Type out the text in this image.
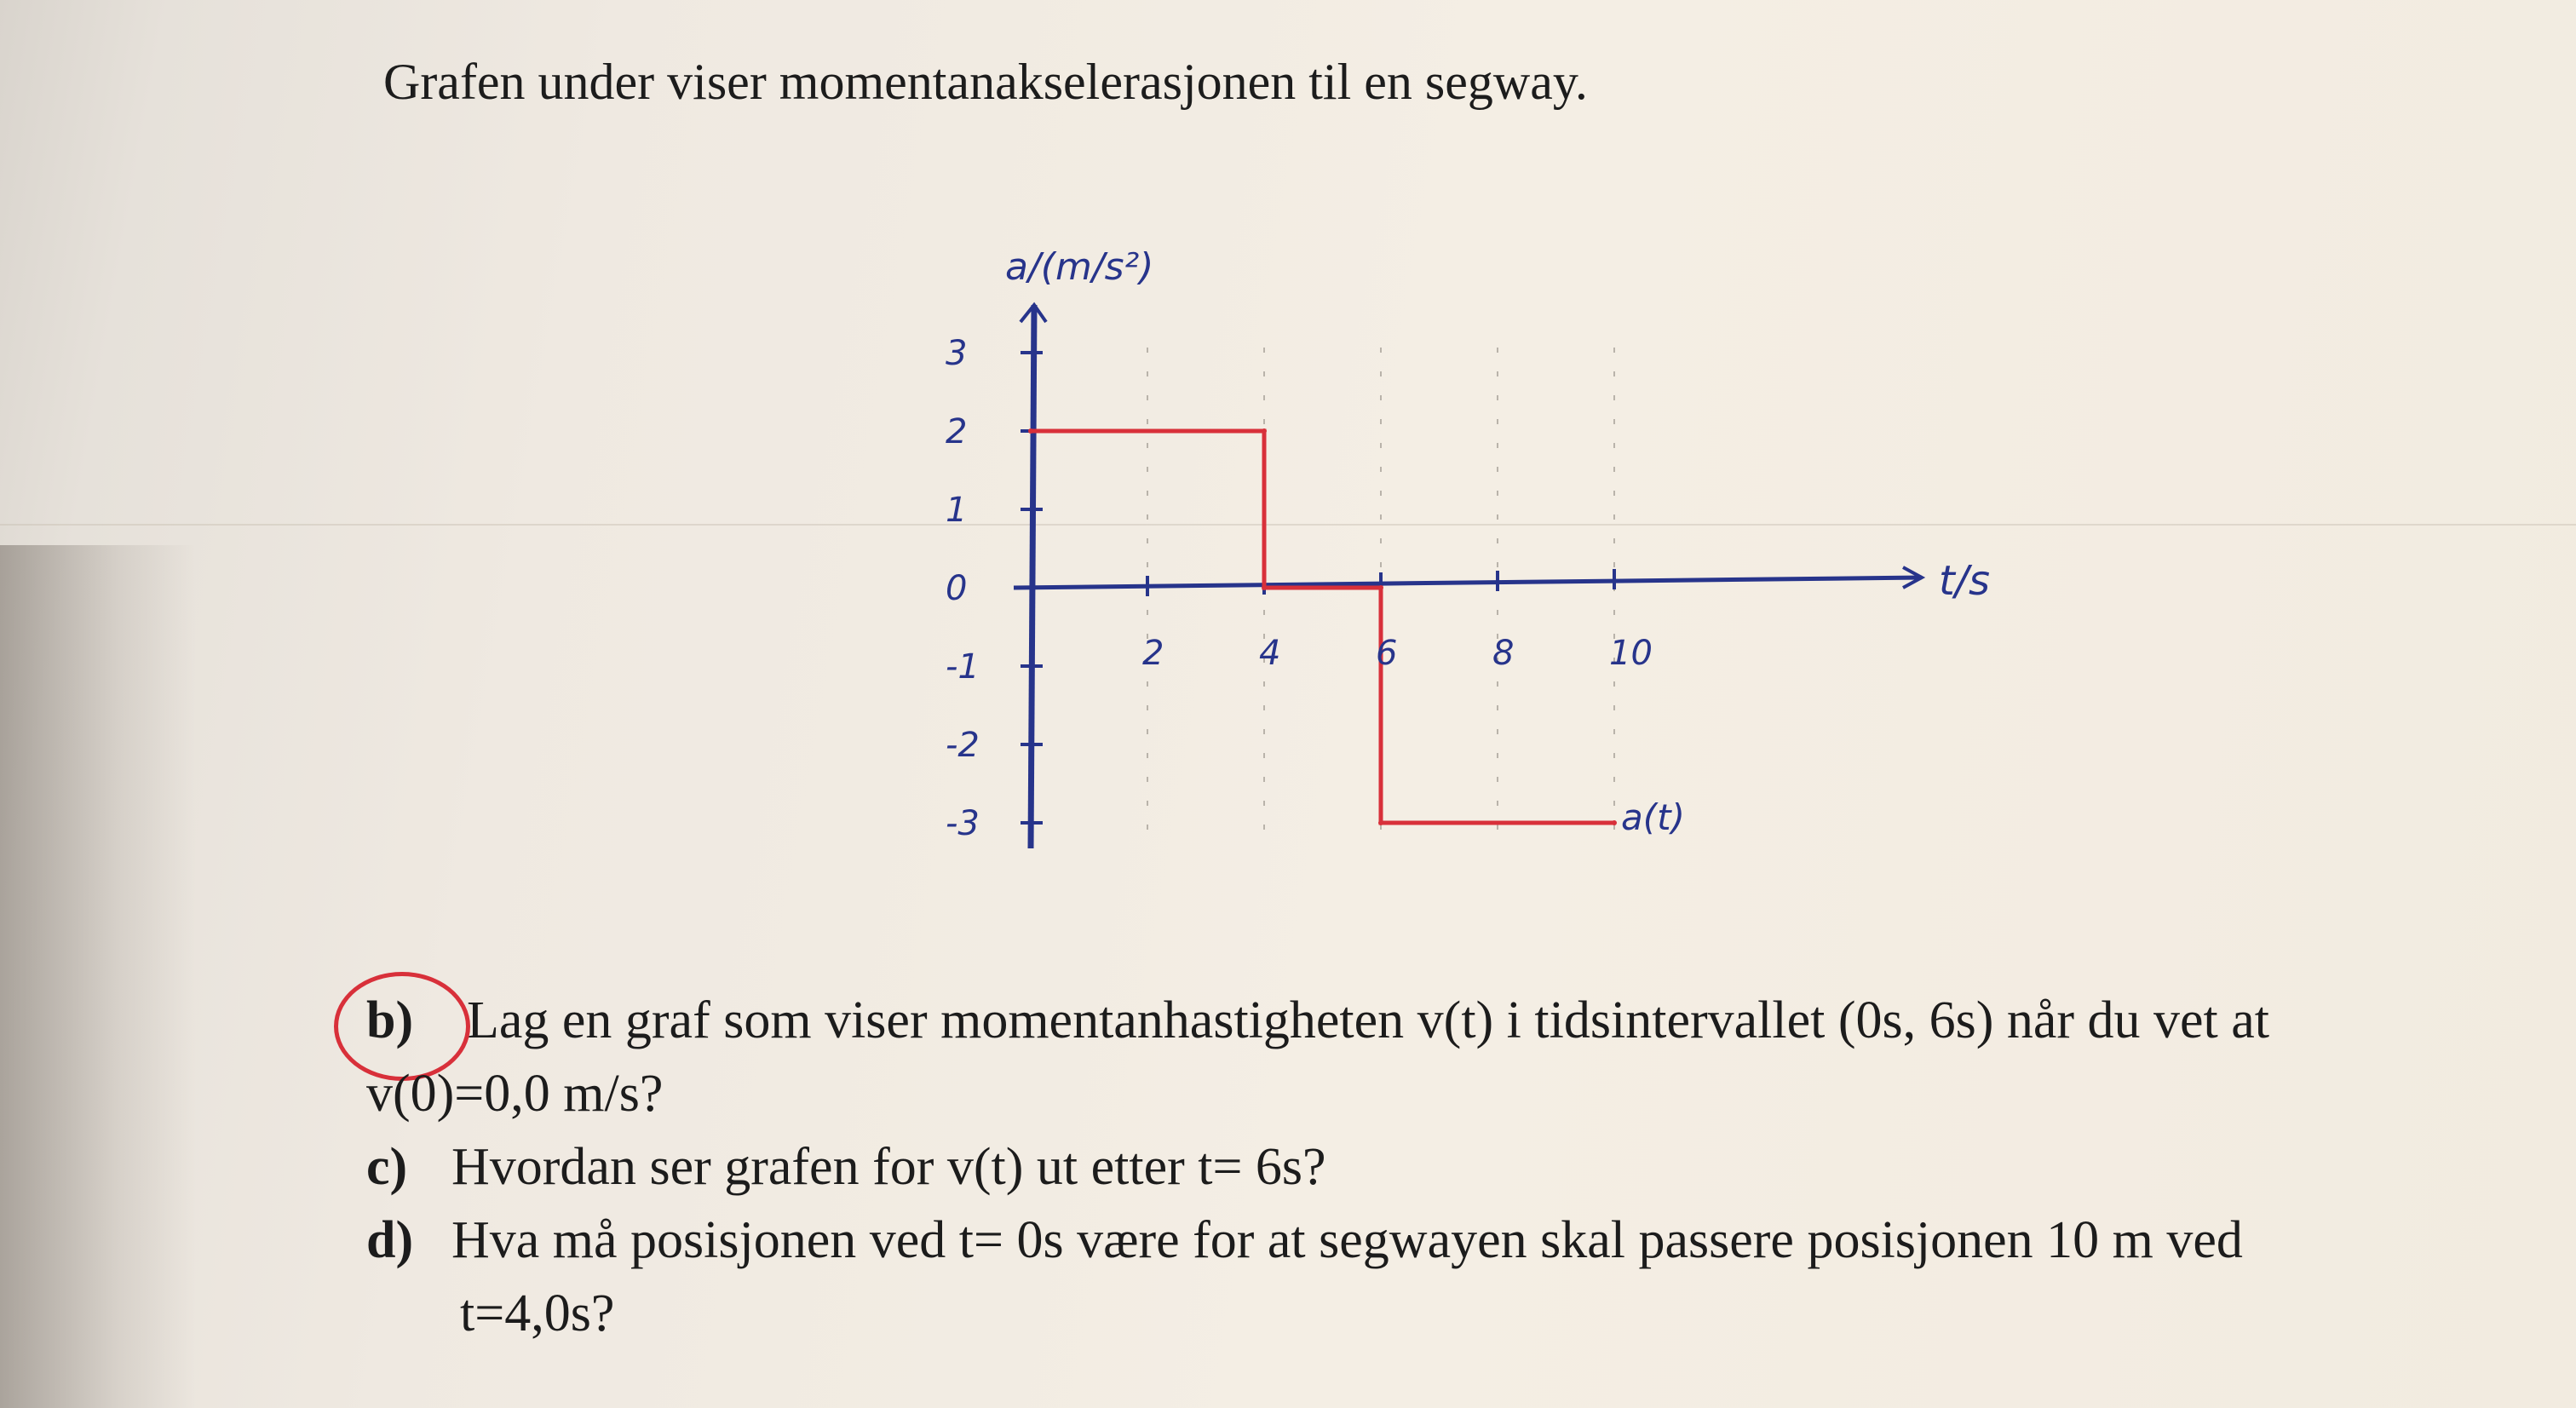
Grafen under viser momentanakselerasjonen til en segway.
2	4	6	8	10
3
2
1
0
-1
-2
-3
t/s
a/(m/s²)
a(t)
b) Lag en graf som viser momentanhastigheten v(t) i tidsintervallet (0s, 6s) når du vet at
v(0)=0,0 m/s?
c) Hvordan ser grafen for v(t) ut etter t= 6s?
d) Hva må posisjonen ved t= 0s være for at segwayen skal passere posisjonen 10 m ved
t=4,0s?
